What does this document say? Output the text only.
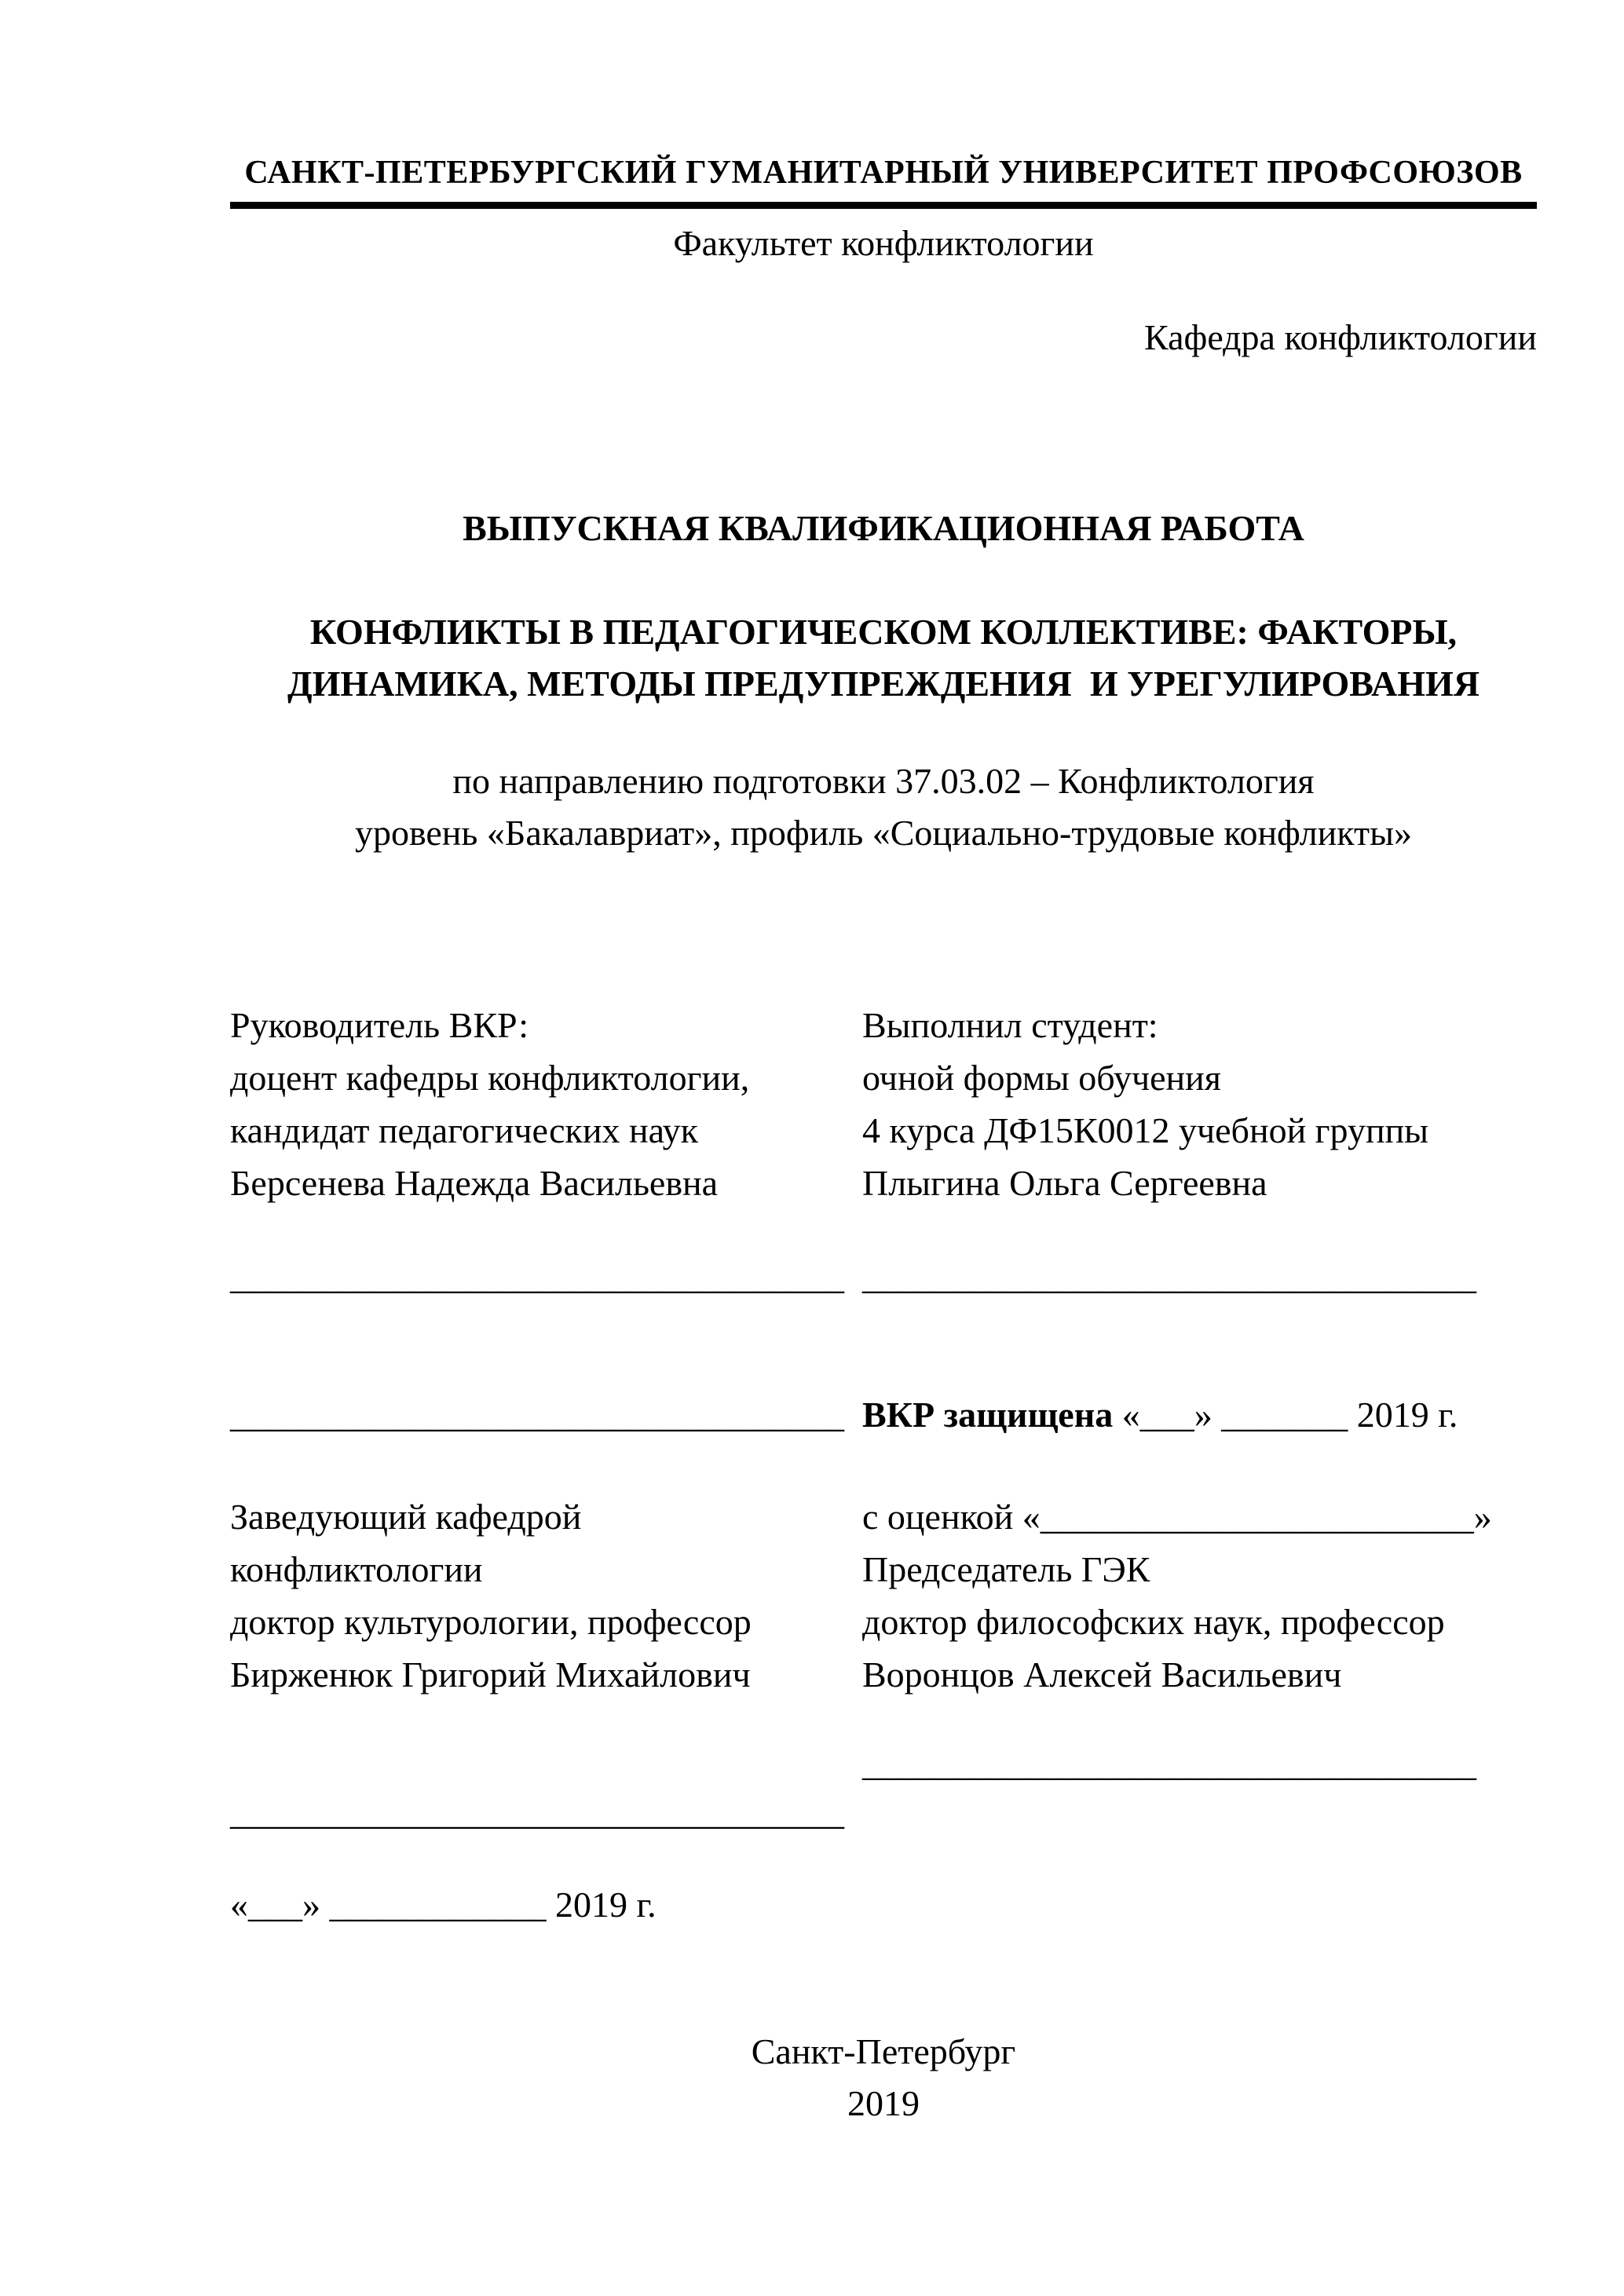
САНКТ-ПЕТЕРБУРГСКИЙ ГУМАНИТАРНЫЙ УНИВЕРСИТЕТ ПРОФСОЮЗОВ
Факультет конфликтологии
Кафедра конфликтологии
ВЫПУСКНАЯ КВАЛИФИКАЦИОННАЯ РАБОТА
КОНФЛИКТЫ В ПЕДАГОГИЧЕСКОМ КОЛЛЕКТИВЕ: ФАКТОРЫ,
ДИНАМИКА, МЕТОДЫ ПРЕДУПРЕЖДЕНИЯ  И УРЕГУЛИРОВАНИЯ
по направлению подготовки 37.03.02 – Конфликтология
уровень «Бакалавриат», профиль «Социально-трудовые конфликты»
Руководитель ВКР:
доцент кафедры конфликтологии,
кандидат педагогических наук
Берсенева Надежда Васильевна
Выполнил студент:
очной формы обучения
4 курса ДФ15К0012 учебной группы
Плыгина Ольга Сергеевна
__________________________________ __________________________________
__________________________________ ВКР защищена «___» _______ 2019 г.
Заведующий кафедрой
конфликтологии
доктор культурологии, профессор
Бирженюк Григорий Михайлович
с оценкой «________________________»
Председатель ГЭК
доктор философских наук, профессор
Воронцов Алексей Васильевич
__________________________________
__________________________________
«___» ____________ 2019 г.
Санкт-Петербург
2019
